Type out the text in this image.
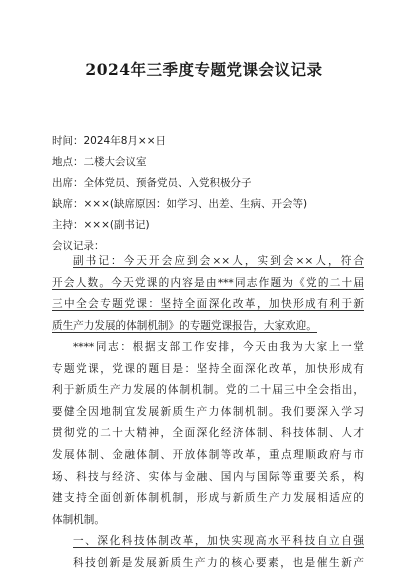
2024年三季度专题党课会议记录
时间：2024年8月××日
地点：二楼大会议室
出席：全体党员、预备党员、入党积极分子
缺席：×××(缺席原因：如学习、出差、生病、开会等)
主持：×××(副书记)
会议记录：
副书记：今天开会应到会××人，实到会××人，符合
开会人数。今天党课的内容是由***同志作题为《党的二十届
三中全会专题党课：坚持全面深化改革，加快形成有利于新
质生产力发展的体制机制》的专题党课报告，大家欢迎。
****同志：根据支部工作安排，今天由我为大家上一堂
专题党课，党课的题目是：坚持全面深化改革，加快形成有
利于新质生产力发展的体制机制。党的二十届三中全会指出，
要健全因地制宜发展新质生产力体制机制。我们要深入学习
贯彻党的二十大精神，全面深化经济体制、科技体制、人才
发展体制、金融体制、开放体制等改革，重点理顺政府与市
场、科技与经济、实体与金融、国内与国际等重要关系，构
建支持全面创新体制机制，形成与新质生产力发展相适应的
体制机制。
一、深化科技体制改革，加快实现高水平科技自立自强
科技创新是发展新质生产力的核心要素，也是催生新产
